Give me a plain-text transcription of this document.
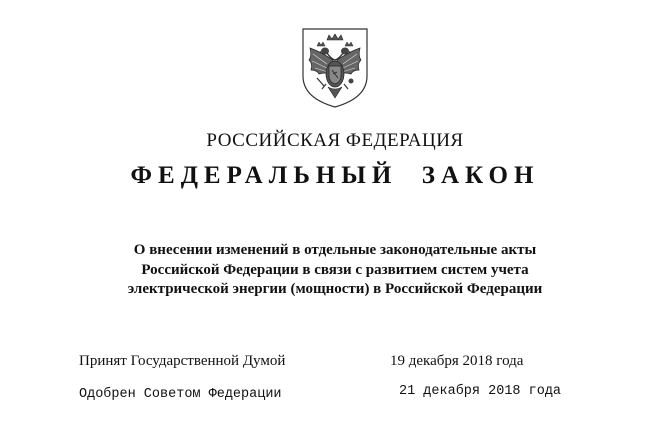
РОССИЙСКАЯ ФЕДЕРАЦИЯ
ФЕДЕРАЛЬНЫЙ  ЗАКОН
О внесении изменений в отдельные законодательные акты
Российской Федерации в связи с развитием систем учета
электрической энергии (мощности) в Российской Федерации
Принят Государственной Думой	19 декабря 2018 года
Одобрен Советом Федерации	21 декабря 2018 года
